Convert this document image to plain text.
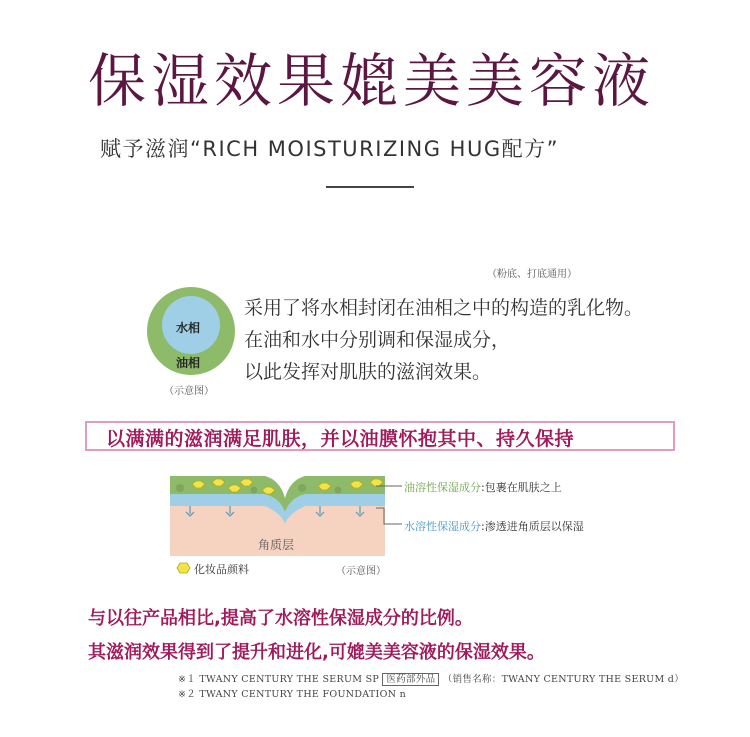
保湿效果媲美美容液
赋予滋润“RICH MOISTURIZING HUG配方”
（粉底、打底通用）
水相
油相
（示意图）
采用了将水相封闭在油相之中的构造的乳化物。
在油和水中分别调和保湿成分，
以此发挥对肌肤的滋润效果。
以满满的滋润满足肌肤，并以油膜怀抱其中、持久保持
角质层
油溶性保湿成分:包裹在肌肤之上
水溶性保湿成分:渗透进角质层以保湿
化妆品颜料	（示意图）
与以往产品相比,提高了水溶性保湿成分的比例。
其滋润效果得到了提升和进化,可媲美美容液的保湿效果。
※１ TWANY CENTURY THE SERUM SP 医药部外品 （销售名称：TWANY CENTURY THE SERUM d）
※２ TWANY CENTURY THE FOUNDATION n
